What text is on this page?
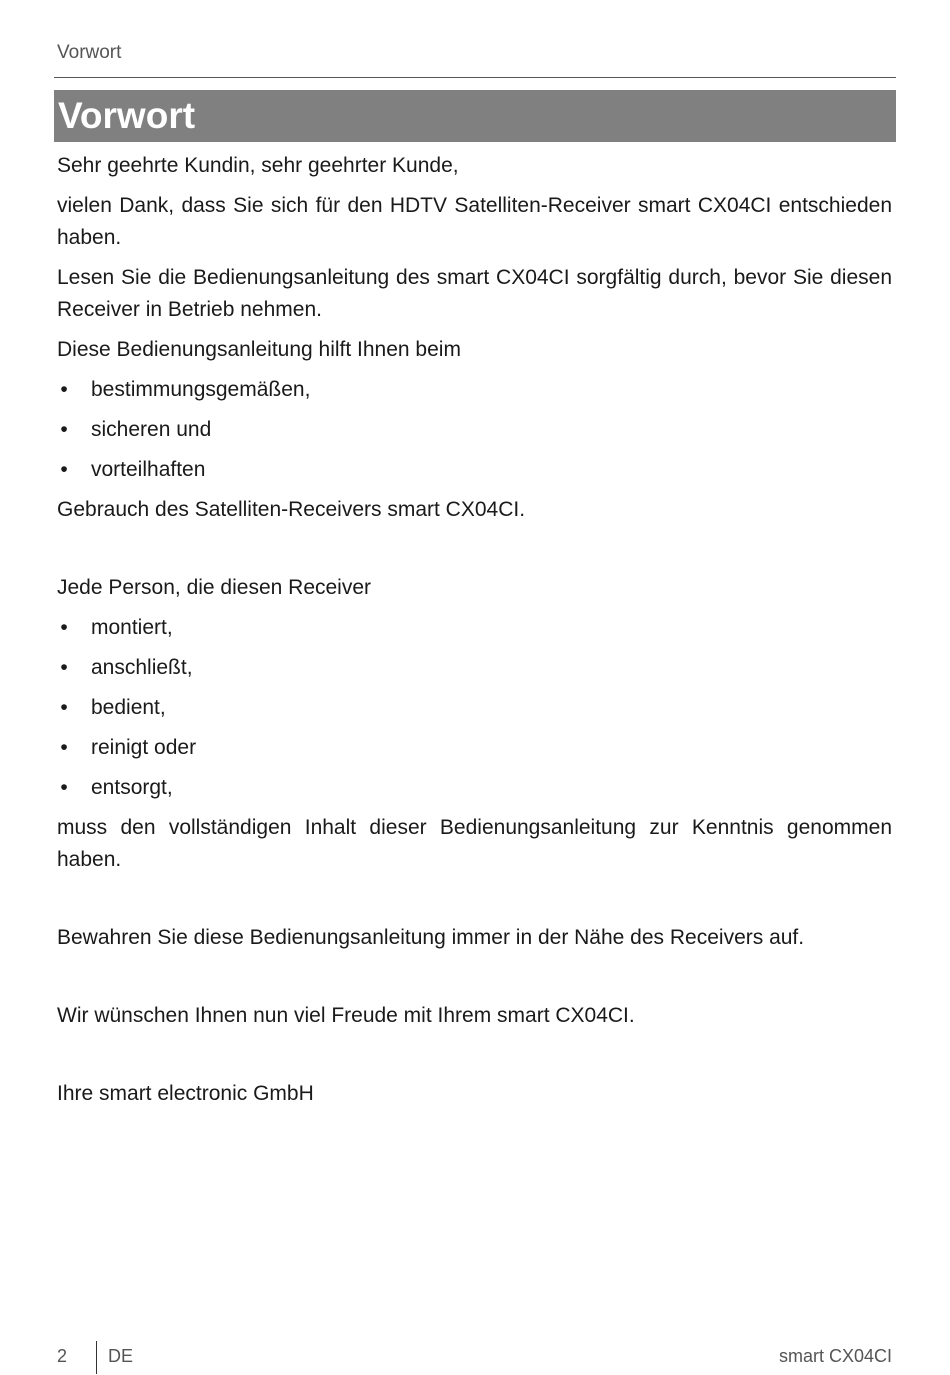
Vorwort
Vorwort

Sehr geehrte Kundin, sehr geehrter Kunde,

vielen Dank, dass Sie sich für den HDTV Satelliten-Receiver smart CX04CI entschieden haben.

Lesen Sie die Bedienungsanleitung des smart CX04CI sorgfältig durch, bevor Sie diesen Receiver in Betrieb nehmen.

Diese Bedienungsanleitung hilft Ihnen beim

• bestimmungsgemäßen,
• sicheren und
• vorteilhaften

Gebrauch des Satelliten-Receivers smart CX04CI.

Jede Person, die diesen Receiver

• montiert,
• anschließt,
• bedient,
• reinigt oder
• entsorgt,

muss den vollständigen Inhalt dieser Bedienungsanleitung zur Kenntnis genommen haben.

Bewahren Sie diese Bedienungsanleitung immer in der Nähe des Receivers auf.

Wir wünschen Ihnen nun viel Freude mit Ihrem smart CX04CI.

Ihre smart electronic GmbH

2 DE	smart CX04CI
